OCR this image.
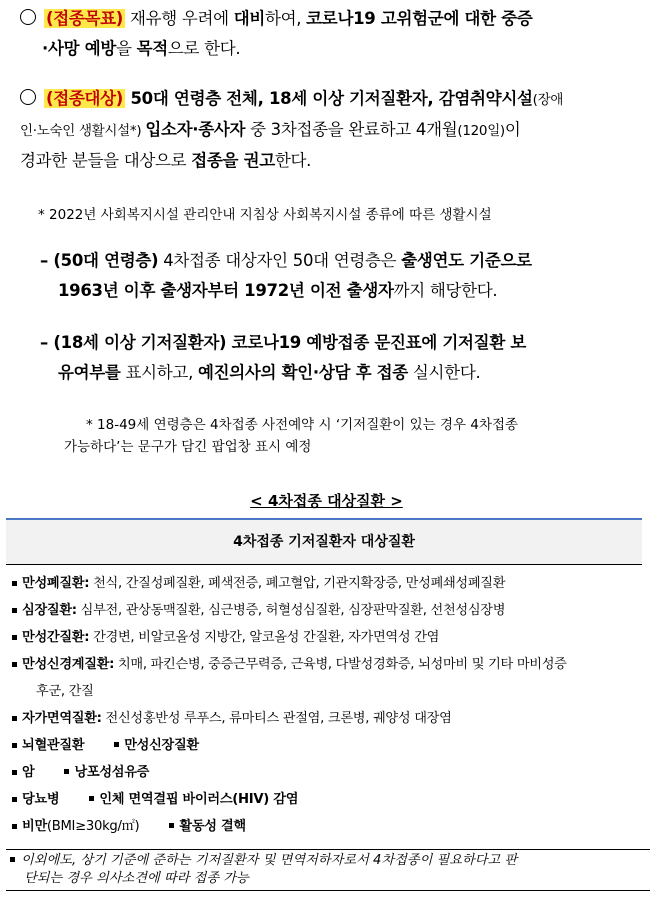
(접종목표) 재유행 우려에 대비하여, 코로나19 고위험군에 대한 중증
·사망 예방을 목적으로 한다.
(접종대상) 50대 연령층 전체, 18세 이상 기저질환자, 감염취약시설(장애
인·노숙인 생활시설*) 입소자·종사자 중 3차접종을 완료하고 4개월(120일)이
경과한 분들을 대상으로 접종을 권고한다.
* 2022년 사회복지시설 관리안내 지침상 사회복지시설 종류에 따른 생활시설
– (50대 연령층) 4차접종 대상자인 50대 연령층은 출생연도 기준으로
1963년 이후 출생자부터 1972년 이전 출생자까지 해당한다.
– (18세 이상 기저질환자) 코로나19 예방접종 문진표에 기저질환 보
유여부를 표시하고, 예진의사의 확인·상담 후 접종 실시한다.
* 18-49세 연령층은 4차접종 사전예약 시 ‘기저질환이 있는 경우 4차접종
가능하다’는 문구가 담긴 팝업창 표시 예정
< 4차접종 대상질환 >
4차접종 기저질환자 대상질환
만성폐질환: 천식, 간질성폐질환, 폐색전증, 폐고혈압, 기관지확장증, 만성폐쇄성폐질환
심장질환: 심부전, 관상동맥질환, 심근병증, 허혈성심질환, 심장판막질환, 선천성심장병
만성간질환: 간경변, 비알코올성 지방간, 알코올성 간질환, 자가면역성 간염
만성신경계질환: 치매, 파킨슨병, 중증근무력증, 근육병, 다발성경화증, 뇌성마비 및 기타 마비성증
후군, 간질
자가면역질환: 전신성홍반성 루푸스, 류마티스 관절염, 크론병, 궤양성 대장염
뇌혈관질환	만성신장질환
암	낭포성섬유증
당뇨병	인체 면역결핍 바이러스(HIV) 감염
비만(BMI≥30kg/㎡)	활동성 결핵
이외에도, 상기 기준에 준하는 기저질환자 및 면역저하자로서 4차접종이 필요하다고 판
단되는 경우 의사소견에 따라 접종 가능
